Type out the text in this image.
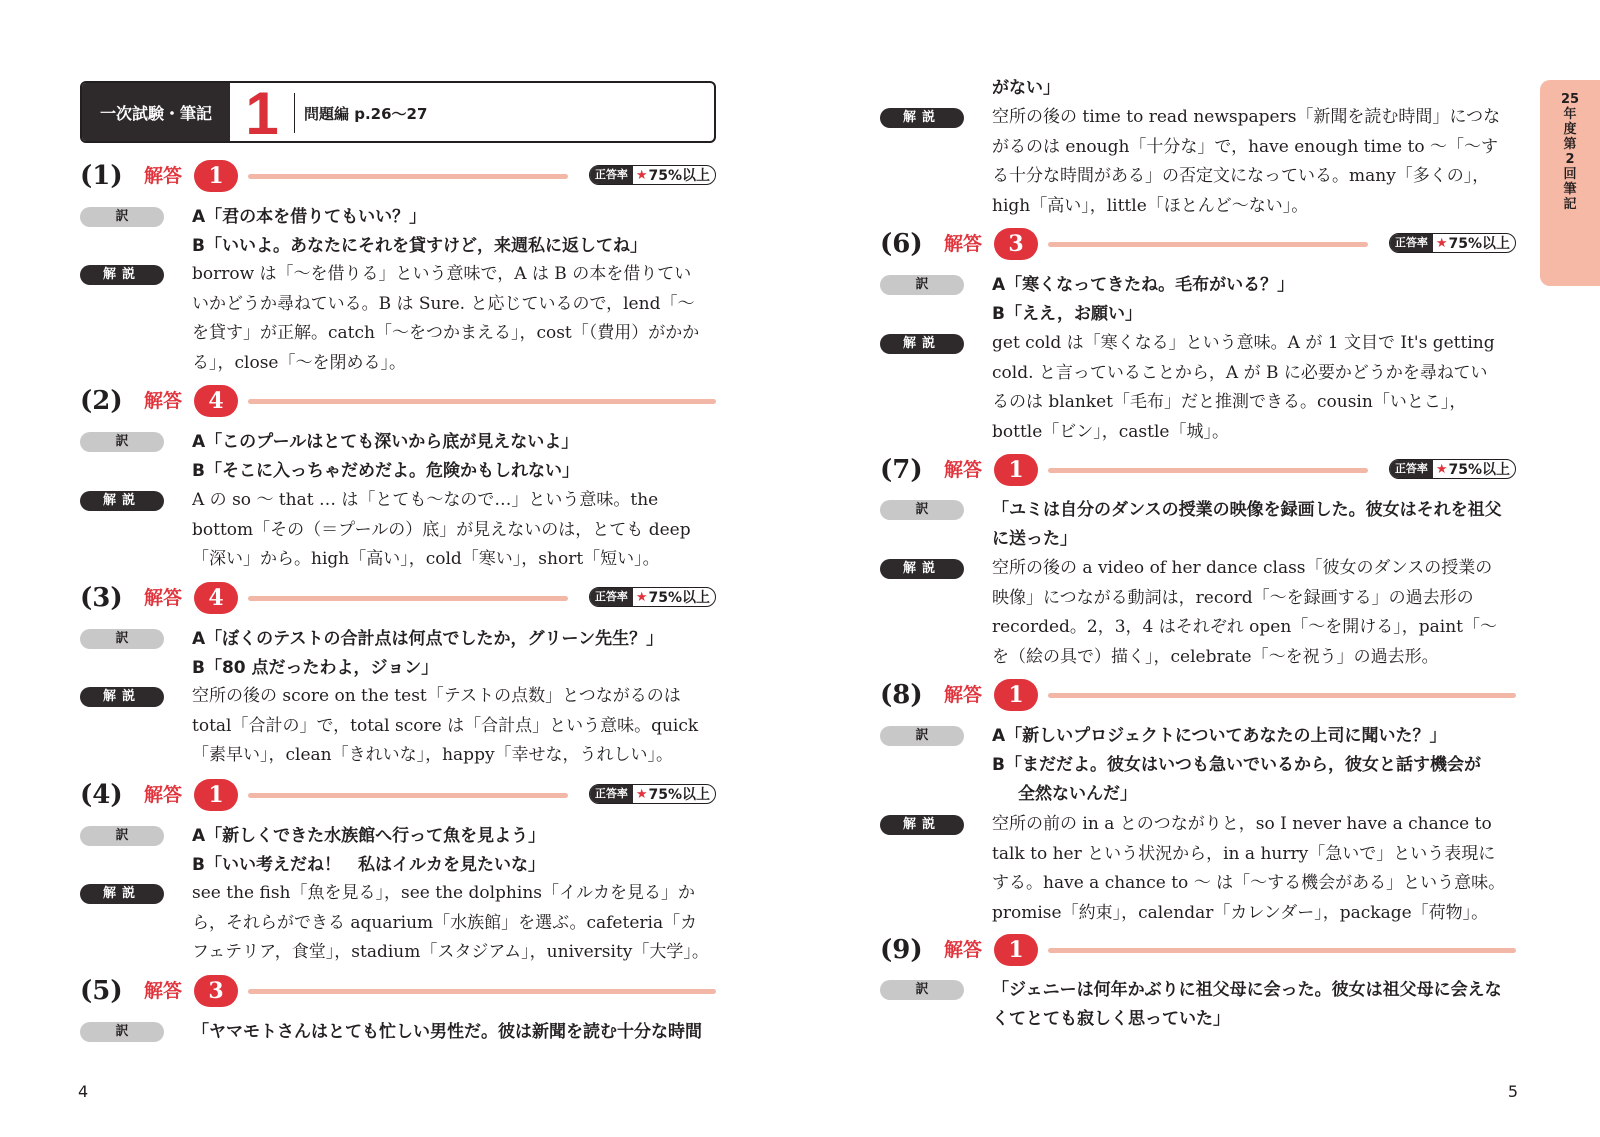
一次試験・筆記 1	問題編 p.26〜27
(1) 解答	1	正答率 ★ 75%以上
訳	A「君の本を借りてもいい？」
B「いいよ。あなたにそれを貸すけど，来週私に返してね」
解説	borrow は「〜を借りる」という意味で，A は B の本を借りてい
いかどうか尋ねている。B は Sure. と応じているので，lend「〜
を貸す」が正解。catch「〜をつかまえる」，cost「（費用）がかか
る」，close「〜を閉める」。
(2) 解答	4
訳	A「このプールはとても深いから底が見えないよ」
B「そこに入っちゃだめだよ。危険かもしれない」
解説	A の so 〜 that … は「とても〜なので…」という意味。the
bottom「その（＝プールの）底」が見えないのは，とても deep
「深い」から。high「高い」，cold「寒い」，short「短い」。
(3) 解答	4	正答率 ★ 75%以上
訳	A「ぼくのテストの合計点は何点でしたか，グリーン先生？」
B「80 点だったわよ，ジョン」
解説	空所の後の score on the test「テストの点数」とつながるのは
total「合計の」で，total score は「合計点」という意味。quick
「素早い」，clean「きれいな」，happy「幸せな，うれしい」。
(4) 解答	1	正答率 ★ 75%以上
訳	A「新しくできた水族館へ行って魚を見よう」
B「いい考えだね！　私はイルカを見たいな」
解説	see the fish「魚を見る」，see the dolphins「イルカを見る」か
ら，それらができる aquarium「水族館」を選ぶ。cafeteria「カ
フェテリア，食堂」，stadium「スタジアム」，university「大学」。
(5) 解答	3
訳	「ヤマモトさんはとても忙しい男性だ。彼は新聞を読む十分な時間
4
がない」
解説	空所の後の time to read newspapers「新聞を読む時間」につな
がるのは enough「十分な」で，have enough time to 〜「〜す
る十分な時間がある」の否定文になっている。many「多くの」，
high「高い」，little「ほとんど〜ない」。
(6) 解答	3	正答率 ★ 75%以上
訳	A「寒くなってきたね。毛布がいる？」
B「ええ，お願い」
解説	get cold は「寒くなる」という意味。A が 1 文目で It's getting
cold. と言っていることから，A が B に必要かどうかを尋ねてい
るのは blanket「毛布」だと推測できる。cousin「いとこ」，
bottle「ビン」，castle「城」。
(7) 解答	1	正答率 ★ 75%以上
訳	「ユミは自分のダンスの授業の映像を録画した。彼女はそれを祖父
に送った」
解説	空所の後の a video of her dance class「彼女のダンスの授業の
映像」につながる動詞は，record「〜を録画する」の過去形の
recorded。2，3，4 はそれぞれ open「〜を開ける」，paint「〜
を（絵の具で）描く」，celebrate「〜を祝う」の過去形。
(8) 解答	1
訳	A「新しいプロジェクトについてあなたの上司に聞いた？」
B「まだだよ。彼女はいつも急いでいるから，彼女と話す機会が
全然ないんだ」
解説	空所の前の in a とのつながりと，so I never have a chance to
talk to her という状況から，in a hurry「急いで」という表現に
する。have a chance to 〜 は「〜する機会がある」という意味。
promise「約束」，calendar「カレンダー」，package「荷物」。
(9) 解答	1
訳	「ジェニーは何年かぶりに祖父母に会った。彼女は祖父母に会えな
くてとても寂しく思っていた」
5
25年度第2回 筆記
